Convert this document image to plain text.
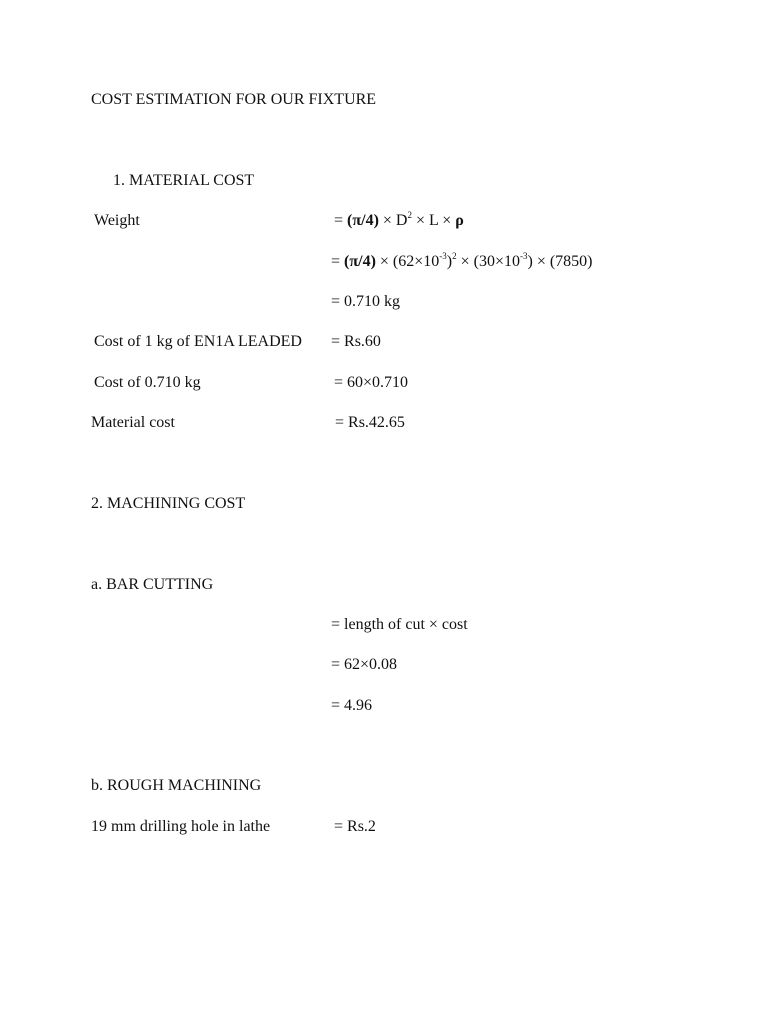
COST ESTIMATION FOR OUR FIXTURE
1. MATERIAL COST
Weight	= $(\pi/4) \times D^2 \times L \times \rho$
= $(\pi/4) \times (62\times 10^{-3})^2 \times (30\times 10^{-3}) \times (7850)$
= 0.710 kg
Cost of 1 kg of EN1A LEADED = Rs.60
Cost of 0.710 kg	= 60×0.710
Material cost	= Rs.42.65
2. MACHINING COST
a. BAR CUTTING
= length of cut × cost
= 62×0.08
= 4.96
b. ROUGH MACHINING
19 mm drilling hole in lathe	= Rs.2
